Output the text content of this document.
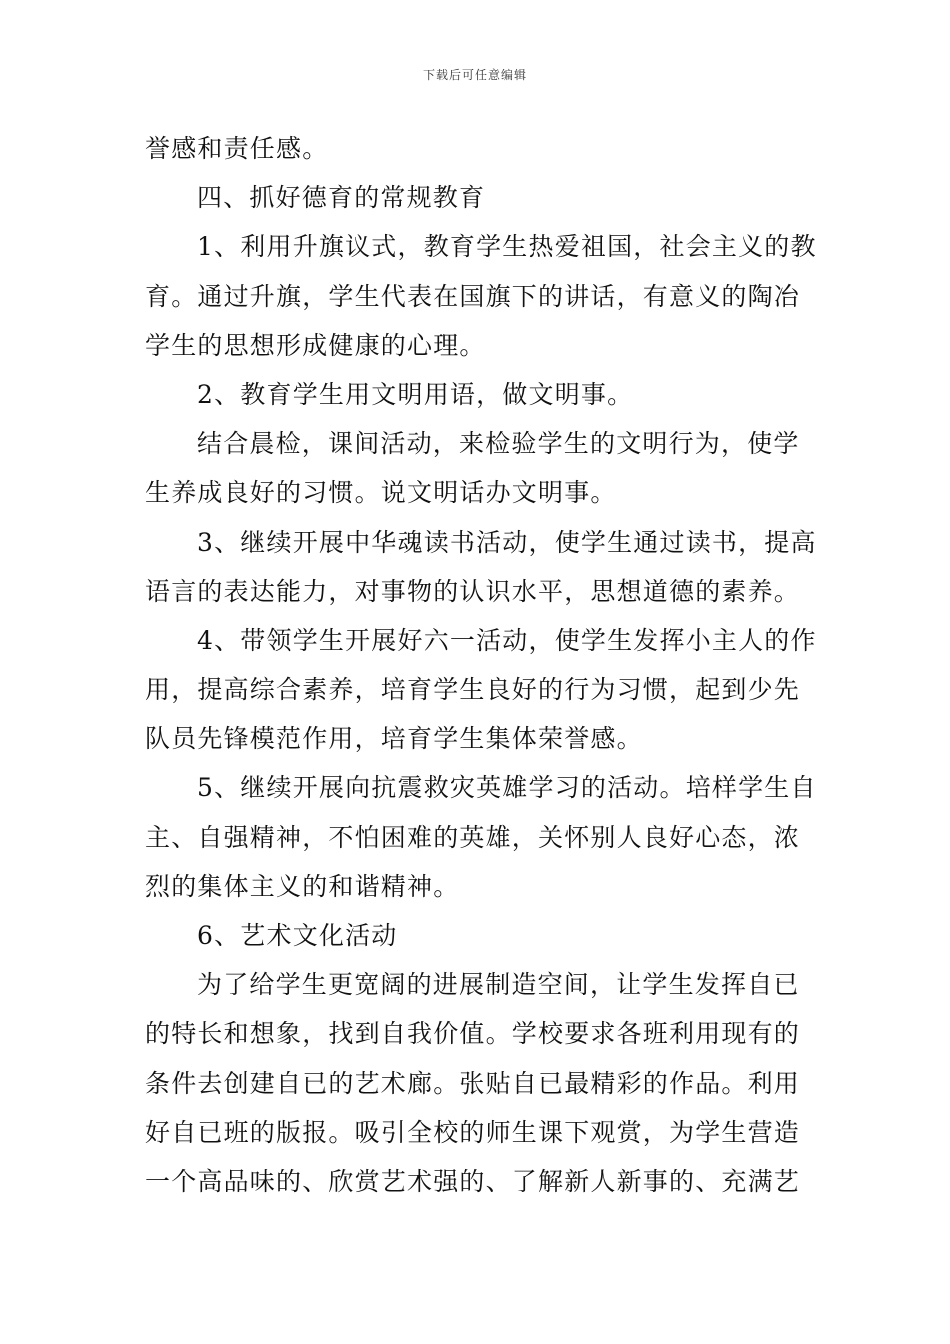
下载后可任意编辑
誉感和责任感。
四、抓好德育的常规教育
1、利用升旗议式，教育学生热爱祖国，社会主义的教
育。通过升旗，学生代表在国旗下的讲话，有意义的陶冶
学生的思想形成健康的心理。
2、教育学生用文明用语，做文明事。
结合晨检，课间活动，来检验学生的文明行为，使学
生养成良好的习惯。说文明话办文明事。
3、继续开展中华魂读书活动，使学生通过读书，提高
语言的表达能力，对事物的认识水平，思想道德的素养。
4、带领学生开展好六一活动，使学生发挥小主人的作
用，提高综合素养，培育学生良好的行为习惯，起到少先
队员先锋模范作用，培育学生集体荣誉感。
5、继续开展向抗震救灾英雄学习的活动。培样学生自
主、自强精神，不怕困难的英雄，关怀别人良好心态，浓
烈的集体主义的和谐精神。
6、艺术文化活动
为了给学生更宽阔的进展制造空间，让学生发挥自已
的特长和想象，找到自我价值。学校要求各班利用现有的
条件去创建自已的艺术廊。张贴自已最精彩的作品。利用
好自已班的版报。吸引全校的师生课下观赏，为学生营造
一个高品味的、欣赏艺术强的、了解新人新事的、充满艺
